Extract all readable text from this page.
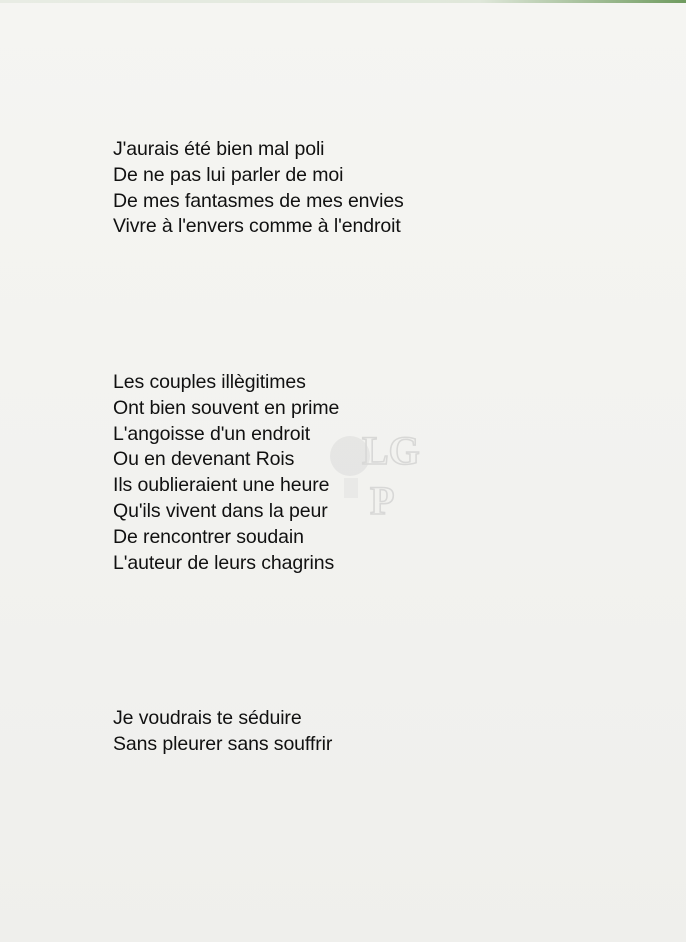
J'aurais été bien mal poli
De ne pas lui parler de moi
De mes fantasmes de mes envies
Vivre à l'envers comme à l'endroit
Les couples illègitimes
Ont bien souvent en prime
L'angoisse d'un endroit
Ou en devenant Rois
Ils oublieraient une heure
Qu'ils vivent dans la peur
De rencontrer soudain
L'auteur de leurs chagrins
Je voudrais te séduire
Sans pleurer sans souffrir
LG
P
